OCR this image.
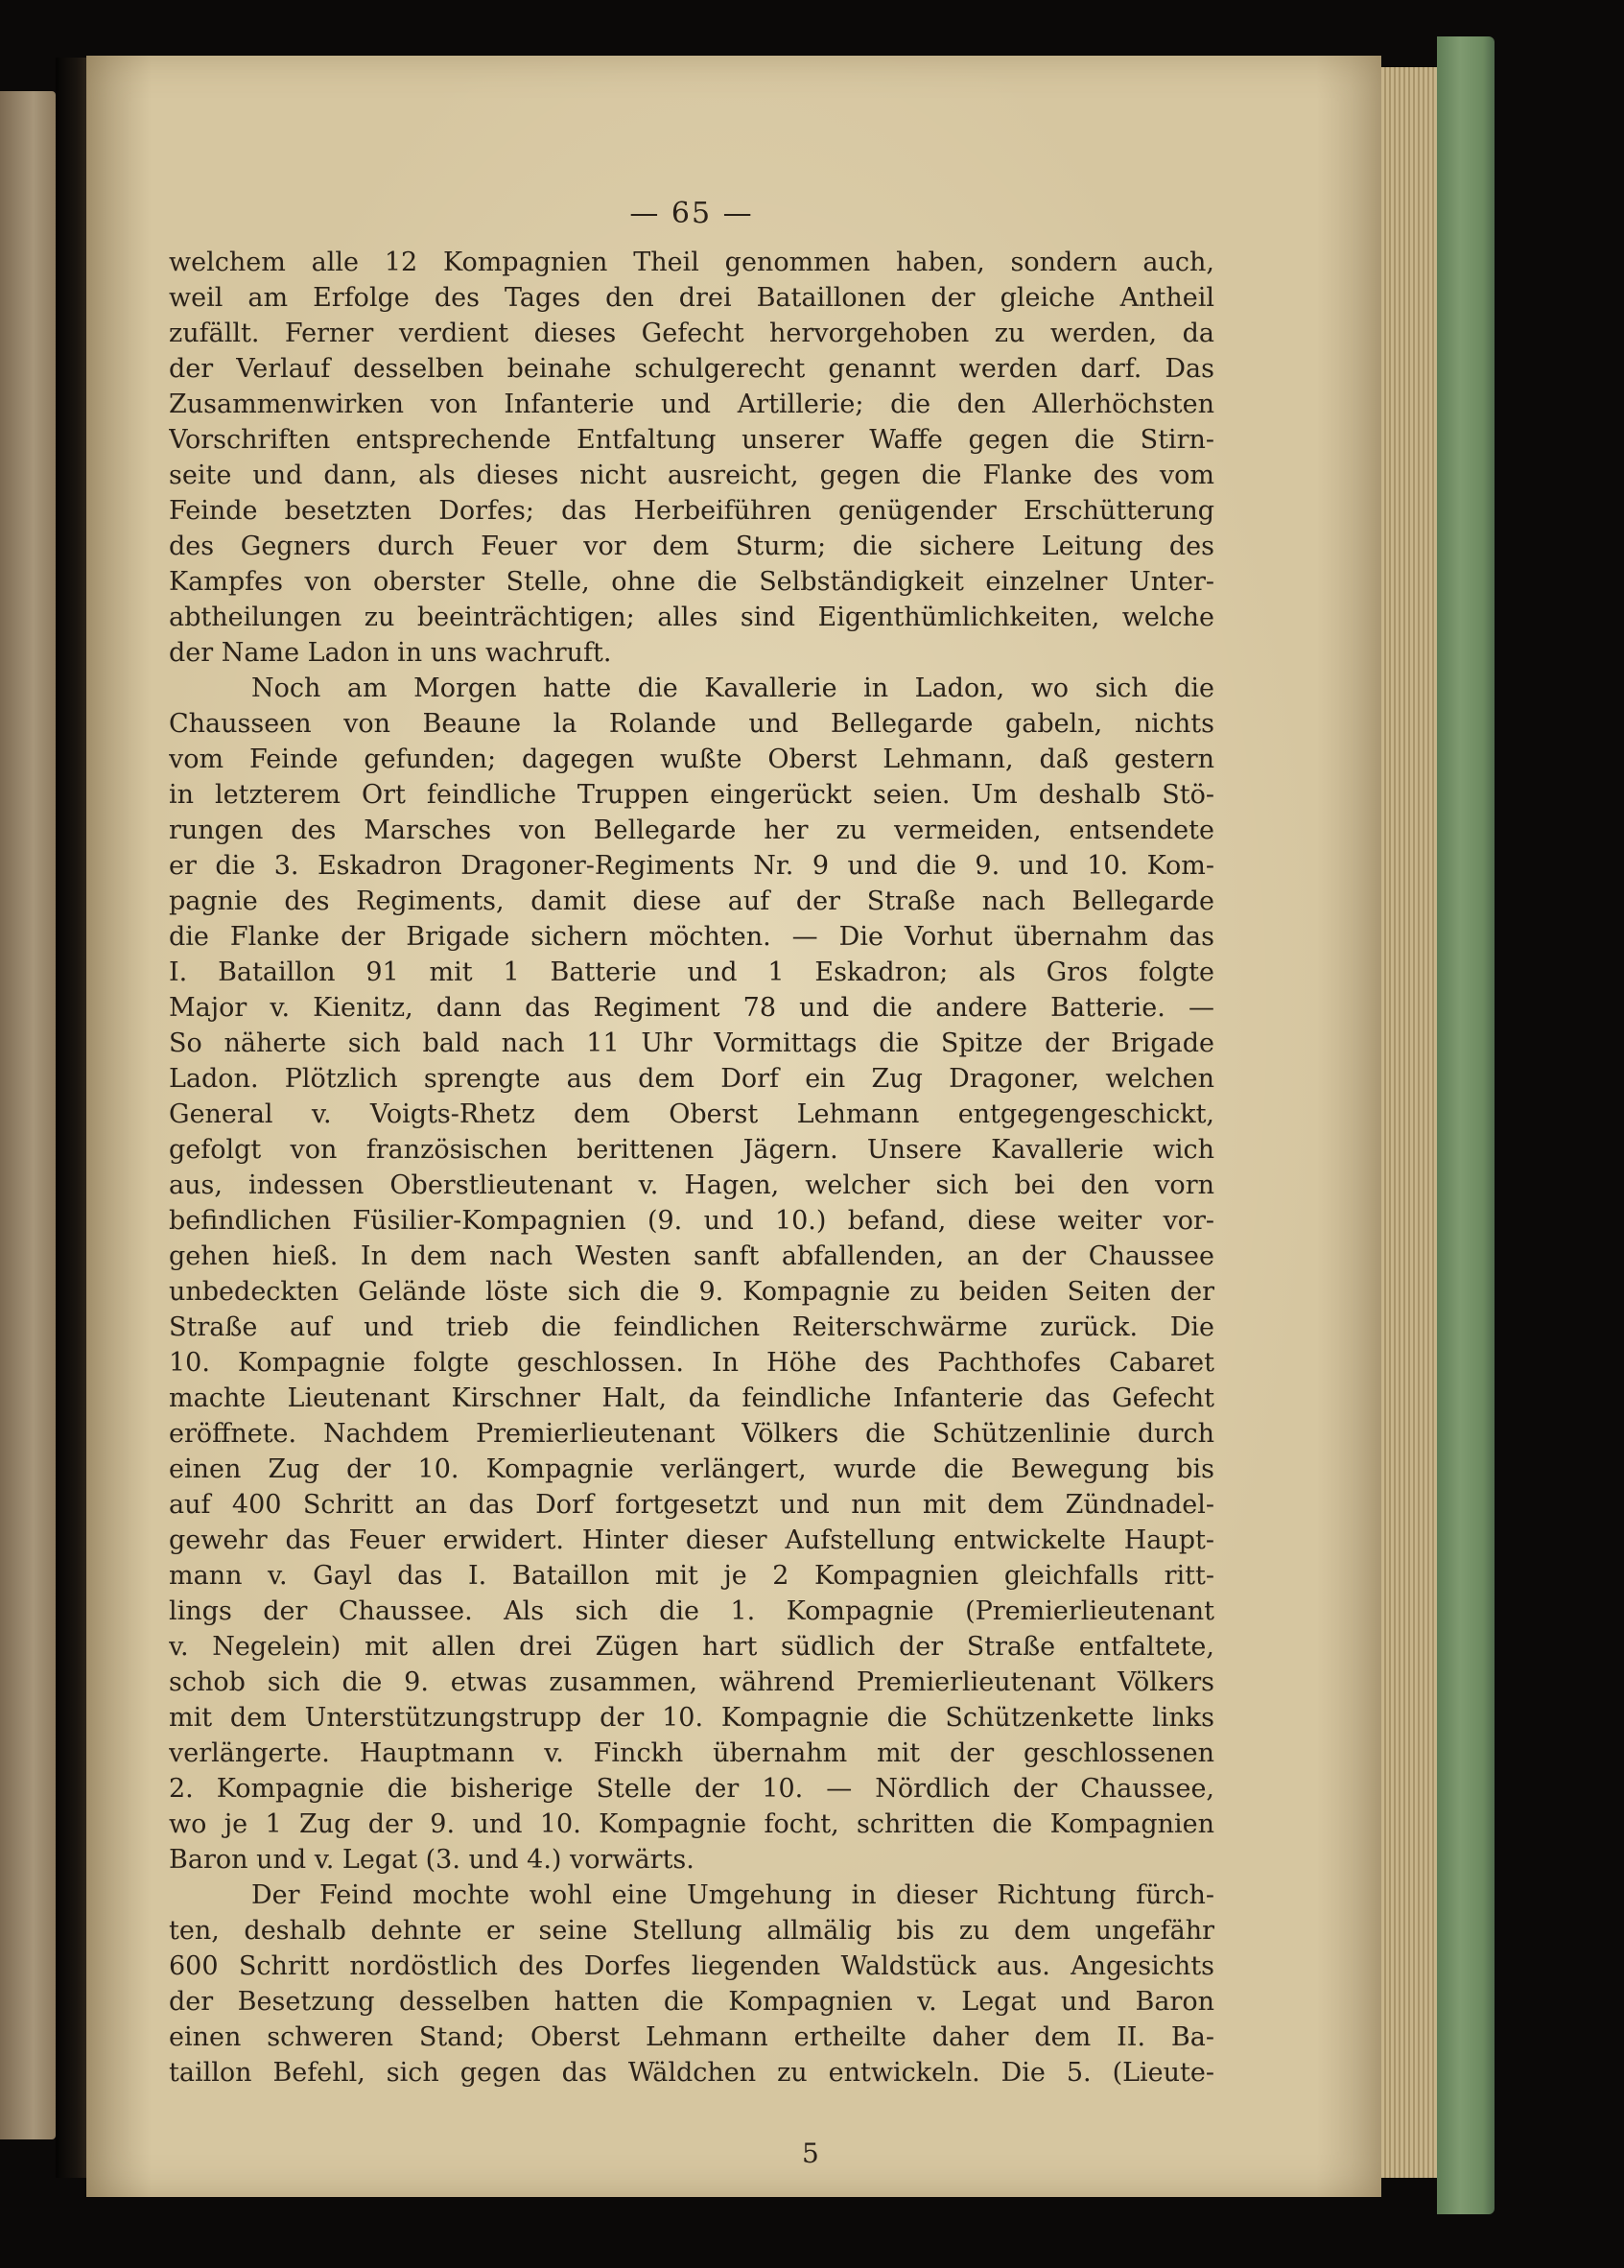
— 65 —

welchem alle 12 Kompagnien Theil genommen haben, sondern auch,
weil am Erfolge des Tages den drei Bataillonen der gleiche Antheil
zufällt. Ferner verdient dieses Gefecht hervorgehoben zu werden, da
der Verlauf desselben beinahe schulgerecht genannt werden darf. Das
Zusammenwirken von Infanterie und Artillerie; die den Allerhöchsten
Vorschriften entsprechende Entfaltung unserer Waffe gegen die Stirn-
seite und dann, als dieses nicht ausreicht, gegen die Flanke des vom
Feinde besetzten Dorfes; das Herbeiführen genügender Erschütterung
des Gegners durch Feuer vor dem Sturm; die sichere Leitung des
Kampfes von oberster Stelle, ohne die Selbständigkeit einzelner Unter-
abtheilungen zu beeinträchtigen; alles sind Eigenthümlichkeiten, welche
der Name Ladon in uns wachruft.
Noch am Morgen hatte die Kavallerie in Ladon, wo sich die
Chausseen von Beaune la Rolande und Bellegarde gabeln, nichts
vom Feinde gefunden; dagegen wußte Oberst Lehmann, daß gestern
in letzterem Ort feindliche Truppen eingerückt seien. Um deshalb Stö-
rungen des Marsches von Bellegarde her zu vermeiden, entsendete
er die 3. Eskadron Dragoner-Regiments Nr. 9 und die 9. und 10. Kom-
pagnie des Regiments, damit diese auf der Straße nach Bellegarde
die Flanke der Brigade sichern möchten. — Die Vorhut übernahm das
I. Bataillon 91 mit 1 Batterie und 1 Eskadron; als Gros folgte
Major v. Kienitz, dann das Regiment 78 und die andere Batterie. —
So näherte sich bald nach 11 Uhr Vormittags die Spitze der Brigade
Ladon. Plötzlich sprengte aus dem Dorf ein Zug Dragoner, welchen
General v. Voigts-Rhetz dem Oberst Lehmann entgegengeschickt,
gefolgt von französischen berittenen Jägern. Unsere Kavallerie wich
aus, indessen Oberstlieutenant v. Hagen, welcher sich bei den vorn
befindlichen Füsilier-Kompagnien (9. und 10.) befand, diese weiter vor-
gehen hieß. In dem nach Westen sanft abfallenden, an der Chaussee
unbedeckten Gelände löste sich die 9. Kompagnie zu beiden Seiten der
Straße auf und trieb die feindlichen Reiterschwärme zurück. Die
10. Kompagnie folgte geschlossen. In Höhe des Pachthofes Cabaret
machte Lieutenant Kirschner Halt, da feindliche Infanterie das Gefecht
eröffnete. Nachdem Premierlieutenant Völkers die Schützenlinie durch
einen Zug der 10. Kompagnie verlängert, wurde die Bewegung bis
auf 400 Schritt an das Dorf fortgesetzt und nun mit dem Zündnadel-
gewehr das Feuer erwidert. Hinter dieser Aufstellung entwickelte Haupt-
mann v. Gayl das I. Bataillon mit je 2 Kompagnien gleichfalls ritt-
lings der Chaussee. Als sich die 1. Kompagnie (Premierlieutenant
v. Negelein) mit allen drei Zügen hart südlich der Straße entfaltete,
schob sich die 9. etwas zusammen, während Premierlieutenant Völkers
mit dem Unterstützungstrupp der 10. Kompagnie die Schützenkette links
verlängerte. Hauptmann v. Finckh übernahm mit der geschlossenen
2. Kompagnie die bisherige Stelle der 10. — Nördlich der Chaussee,
wo je 1 Zug der 9. und 10. Kompagnie focht, schritten die Kompagnien
Baron und v. Legat (3. und 4.) vorwärts.
Der Feind mochte wohl eine Umgehung in dieser Richtung fürch-
ten, deshalb dehnte er seine Stellung allmälig bis zu dem ungefähr
600 Schritt nordöstlich des Dorfes liegenden Waldstück aus. Angesichts
der Besetzung desselben hatten die Kompagnien v. Legat und Baron
einen schweren Stand; Oberst Lehmann ertheilte daher dem II. Ba-
taillon Befehl, sich gegen das Wäldchen zu entwickeln. Die 5. (Lieute-
5
